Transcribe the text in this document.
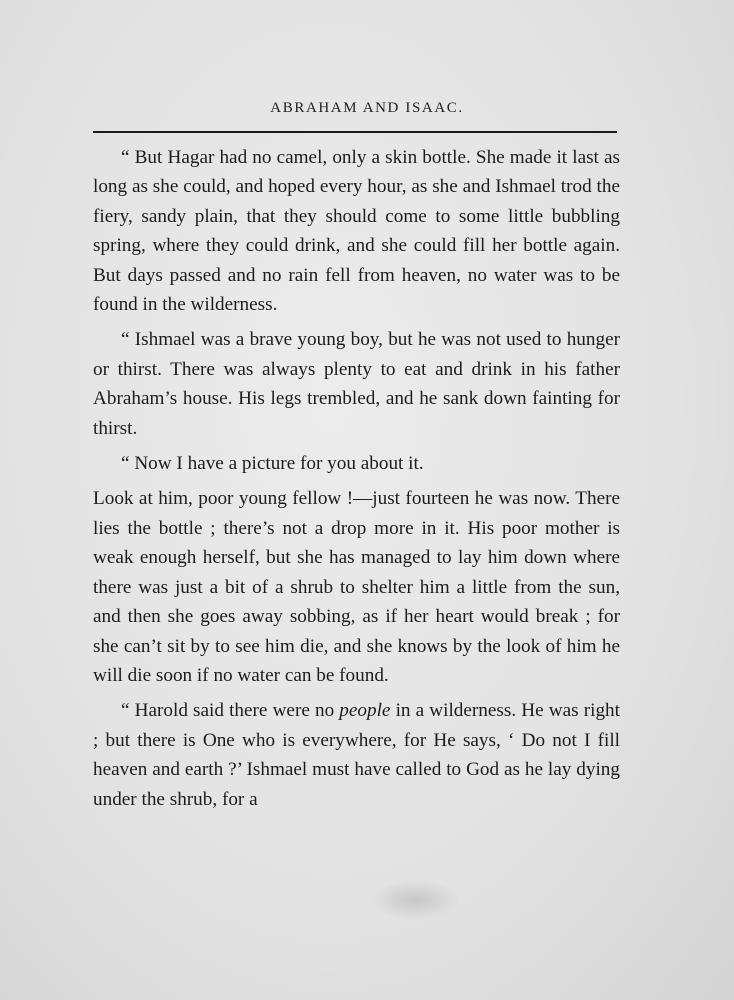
ABRAHAM AND ISAAC.

“ But Hagar had no camel, only a skin bottle. She made it last as long as she could, and hoped every hour, as she and Ishmael trod the fiery, sandy plain, that they should come to some little bubbling spring, where they could drink, and she could fill her bottle again. But days passed and no rain fell from heaven, no water was to be found in the wilderness.

“ Ishmael was a brave young boy, but he was not used to hunger or thirst. There was always plenty to eat and drink in his father Abraham’s house. His legs trembled, and he sank down fainting for thirst.

“ Now I have a picture for you about it.

Look at him, poor young fellow !—just fourteen he was now. There lies the bottle ; there’s not a drop more in it. His poor mother is weak enough herself, but she has managed to lay him down where there was just a bit of a shrub to shelter him a little from the sun, and then she goes away sobbing, as if her heart would break ; for she can’t sit by to see him die, and she knows by the look of him he will die soon if no water can be found.

“ Harold said there were no people in a wilderness. He was right ; but there is One who is everywhere, for He says, ‘ Do not I fill heaven and earth ?’ Ishmael must have called to God as he lay dying under the shrub, for a
